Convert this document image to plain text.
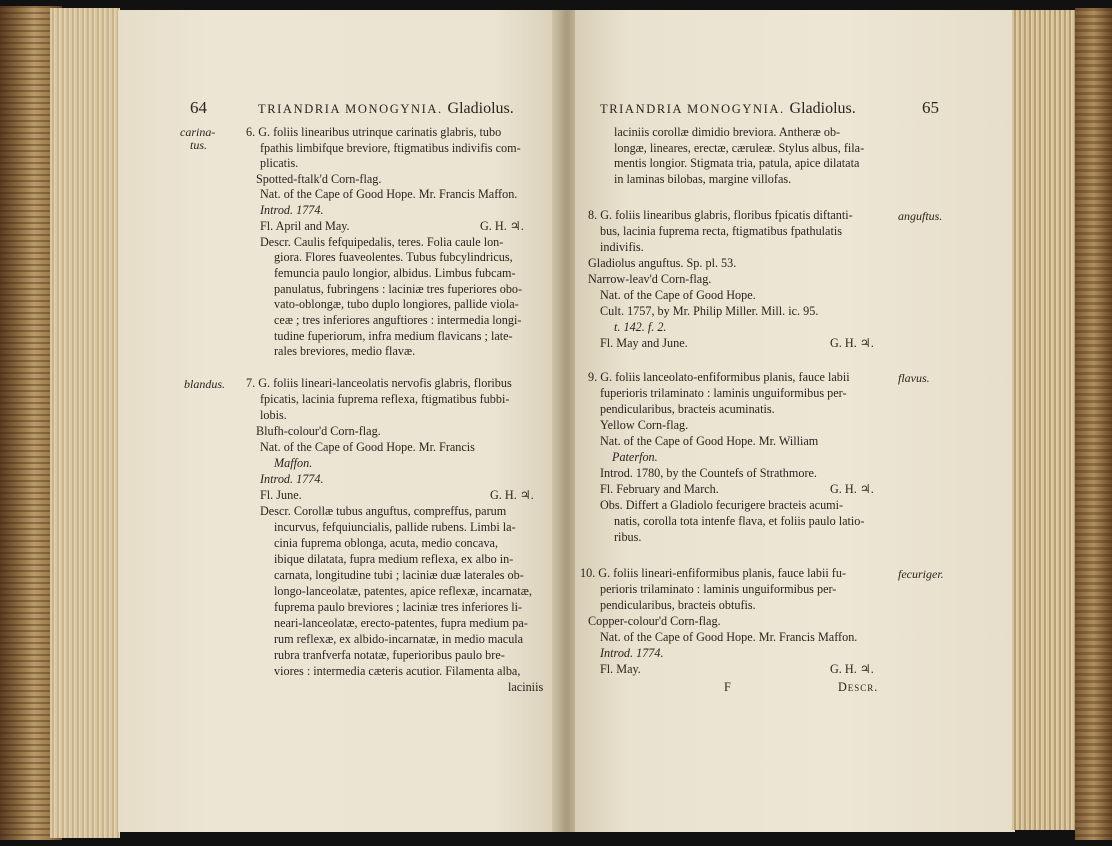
64	TRIANDRIA MONOGYNIA. Gladiolus.
carina-
tus.
6. G. foliis linearibus utrinque carinatis glabris, tubo
fpathis limbifque breviore, ftigmatibus indivifis com-
plicatis.
Spotted-ftalk'd Corn-flag.
Nat. of the Cape of Good Hope. Mr. Francis Maffon.
Introd. 1774.
Fl. April and May.	G. H. ♃.
Descr. Caulis fefquipedalis, teres. Folia caule lon-
giora. Flores fuaveolentes. Tubus fubcylindricus,
femuncia paulo longior, albidus. Limbus fubcam-
panulatus, fubringens : laciniæ tres fuperiores obo-
vato-oblongæ, tubo duplo longiores, pallide viola-
ceæ ; tres inferiores anguftiores : intermedia longi-
tudine fuperiorum, infra medium flavicans ; late-
rales breviores, medio flavæ.
blandus. 7. G. foliis lineari-lanceolatis nervofis glabris, floribus
fpicatis, lacinia fuprema reflexa, ftigmatibus fubbi-
lobis.
Blufh-colour'd Corn-flag.
Nat. of the Cape of Good Hope. Mr. Francis
Maffon.
Introd. 1774.
Fl. June.	G. H. ♃.
Descr. Corollæ tubus anguftus, compreffus, parum
incurvus, fefquiuncialis, pallide rubens. Limbi la-
cinia fuprema oblonga, acuta, medio concava,
ibique dilatata, fupra medium reflexa, ex albo in-
carnata, longitudine tubi ; laciniæ duæ laterales ob-
longo-lanceolatæ, patentes, apice reflexæ, incarnatæ,
fuprema paulo breviores ; laciniæ tres inferiores li-
neari-lanceolatæ, erecto-patentes, fupra medium pa-
rum reflexæ, ex albido-incarnatæ, in medio macula
rubra tranfverfa notatæ, fuperioribus paulo bre-
viores : intermedia cæteris acutior. Filamenta alba,
laciniis
TRIANDRIA MONOGYNIA. Gladiolus.	65
laciniis corollæ dimidio breviora. Antheræ ob-
longæ, lineares, erectæ, cæruleæ. Stylus albus, fila-
mentis longior. Stigmata tria, patula, apice dilatata
in laminas bilobas, margine villofas.
anguftus.
8. G. foliis linearibus glabris, floribus fpicatis diftanti-
bus, lacinia fuprema recta, ftigmatibus fpathulatis
indivifis.
Gladiolus anguftus. Sp. pl. 53.
Narrow-leav'd Corn-flag.
Nat. of the Cape of Good Hope.
Cult. 1757, by Mr. Philip Miller. Mill. ic. 95.
t. 142. f. 2.
Fl. May and June.	G. H. ♃.
flavus.
9. G. foliis lanceolato-enfiformibus planis, fauce labii
fuperioris trilaminato : laminis unguiformibus per-
pendicularibus, bracteis acuminatis.
Yellow Corn-flag.
Nat. of the Cape of Good Hope. Mr. William
Paterfon.
Introd. 1780, by the Countefs of Strathmore.
Fl. February and March.	G. H. ♃.
Obs. Differt a Gladiolo fecurigere bracteis acumi-
natis, corolla tota intenfe flava, et foliis paulo latio-
ribus.
fecuriger.
10. G. foliis lineari-enfiformibus planis, fauce labii fu-
perioris trilaminato : laminis unguiformibus per-
pendicularibus, bracteis obtufis.
Copper-colour'd Corn-flag.
Nat. of the Cape of Good Hope. Mr. Francis Maffon.
Introd. 1774.
Fl. May.	G. H. ♃.
F	Descr.
